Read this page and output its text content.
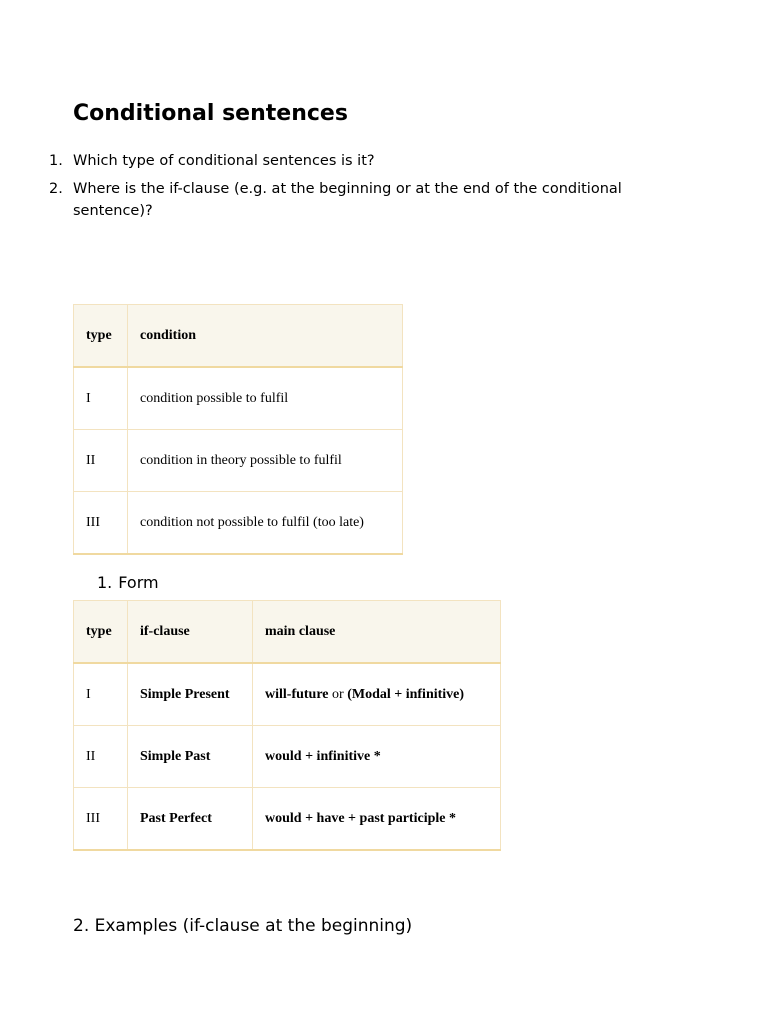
Conditional sentences
1. Which type of conditional sentences is it?
2. Where is the if-clause (e.g. at the beginning or at the end of the conditional sentence)?
type	condition
I	condition possible to fulfil
II	condition in theory possible to fulfil
III	condition not possible to fulfil (too late)
1. Form
type	if-clause	main clause
I	Simple Present	will-future or (Modal + infinitive)
II	Simple Past	would + infinitive *
III	Past Perfect	would + have + past participle *
2. Examples (if-clause at the beginning)
